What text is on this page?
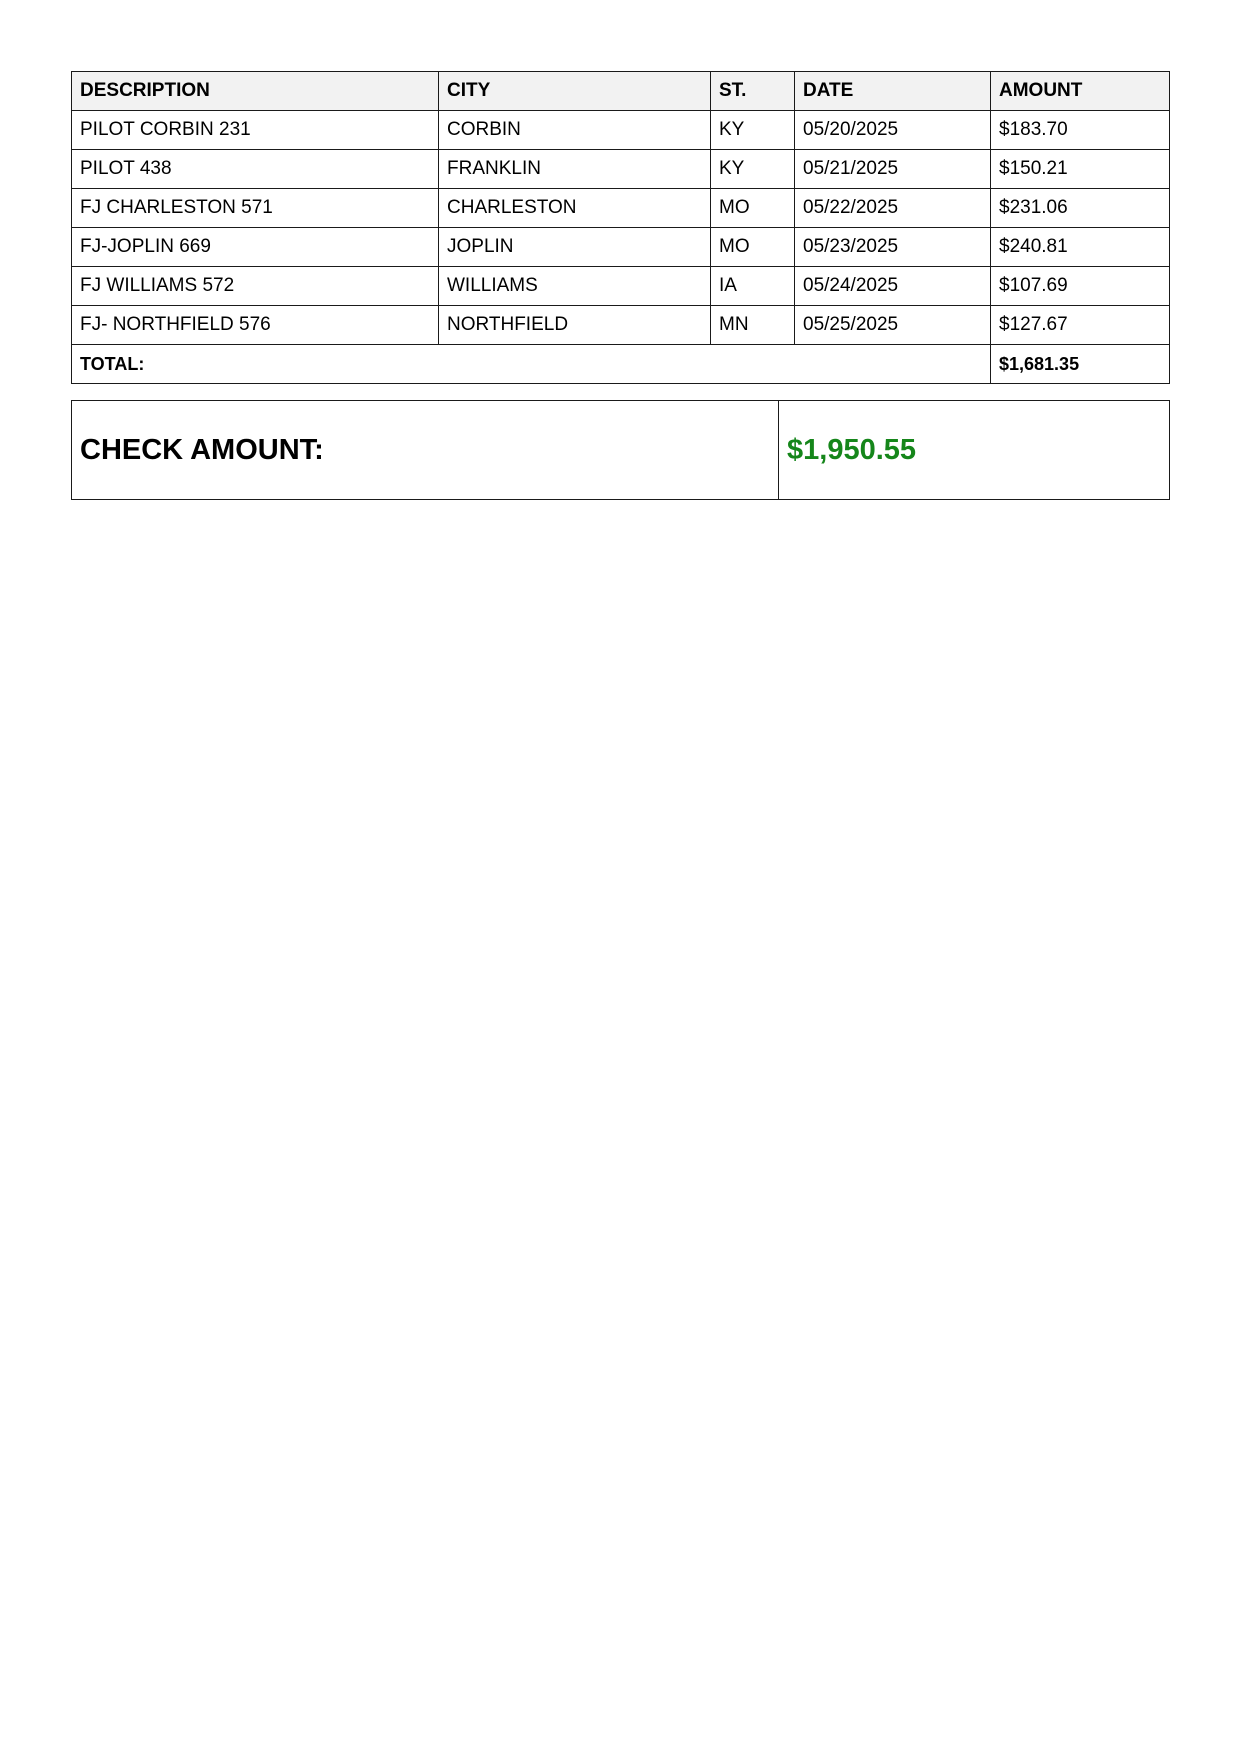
DESCRIPTION	CITY	ST.	DATE	AMOUNT
PILOT CORBIN 231	CORBIN	KY	05/20/2025	$183.70
PILOT 438	FRANKLIN	KY	05/21/2025	$150.21
FJ CHARLESTON 571	CHARLESTON	MO	05/22/2025	$231.06
FJ-JOPLIN 669	JOPLIN	MO	05/23/2025	$240.81
FJ WILLIAMS 572	WILLIAMS	IA	05/24/2025	$107.69
FJ- NORTHFIELD 576	NORTHFIELD	MN	05/25/2025	$127.67
TOTAL:				$1,681.35
CHECK AMOUNT:	$1,950.55
